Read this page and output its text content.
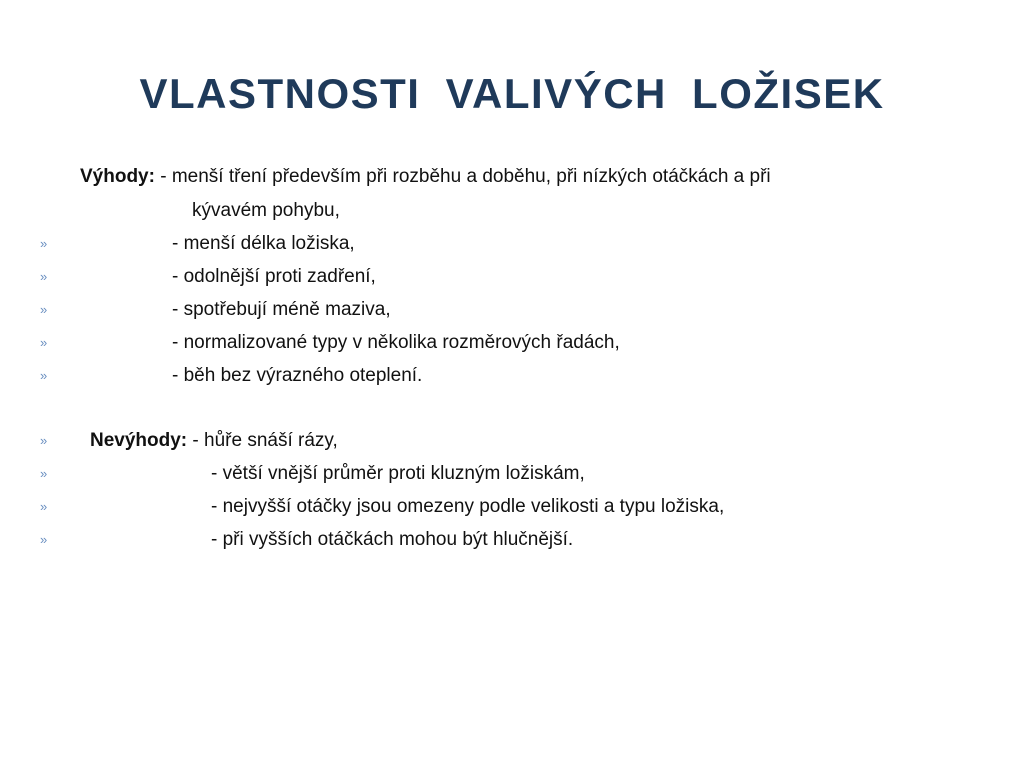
VLASTNOSTI VALIVÝCH LOŽISEK
Výhody: - menší tření především při rozběhu a doběhu, při nízkých otáčkách a při
kývavém pohybu,
»	- menší délka ložiska,
»	- odolnější proti zadření,
»	- spotřebují méně maziva,
»	- normalizované typy v několika rozměrových řadách,
»	- běh bez výrazného oteplení.
» Nevýhody: - hůře snáší rázy,
»	- větší vnější průměr proti kluzným ložiskám,
»	- nejvyšší otáčky jsou omezeny podle velikosti a typu ložiska,
»	- při vyšších otáčkách mohou být hlučnější.
